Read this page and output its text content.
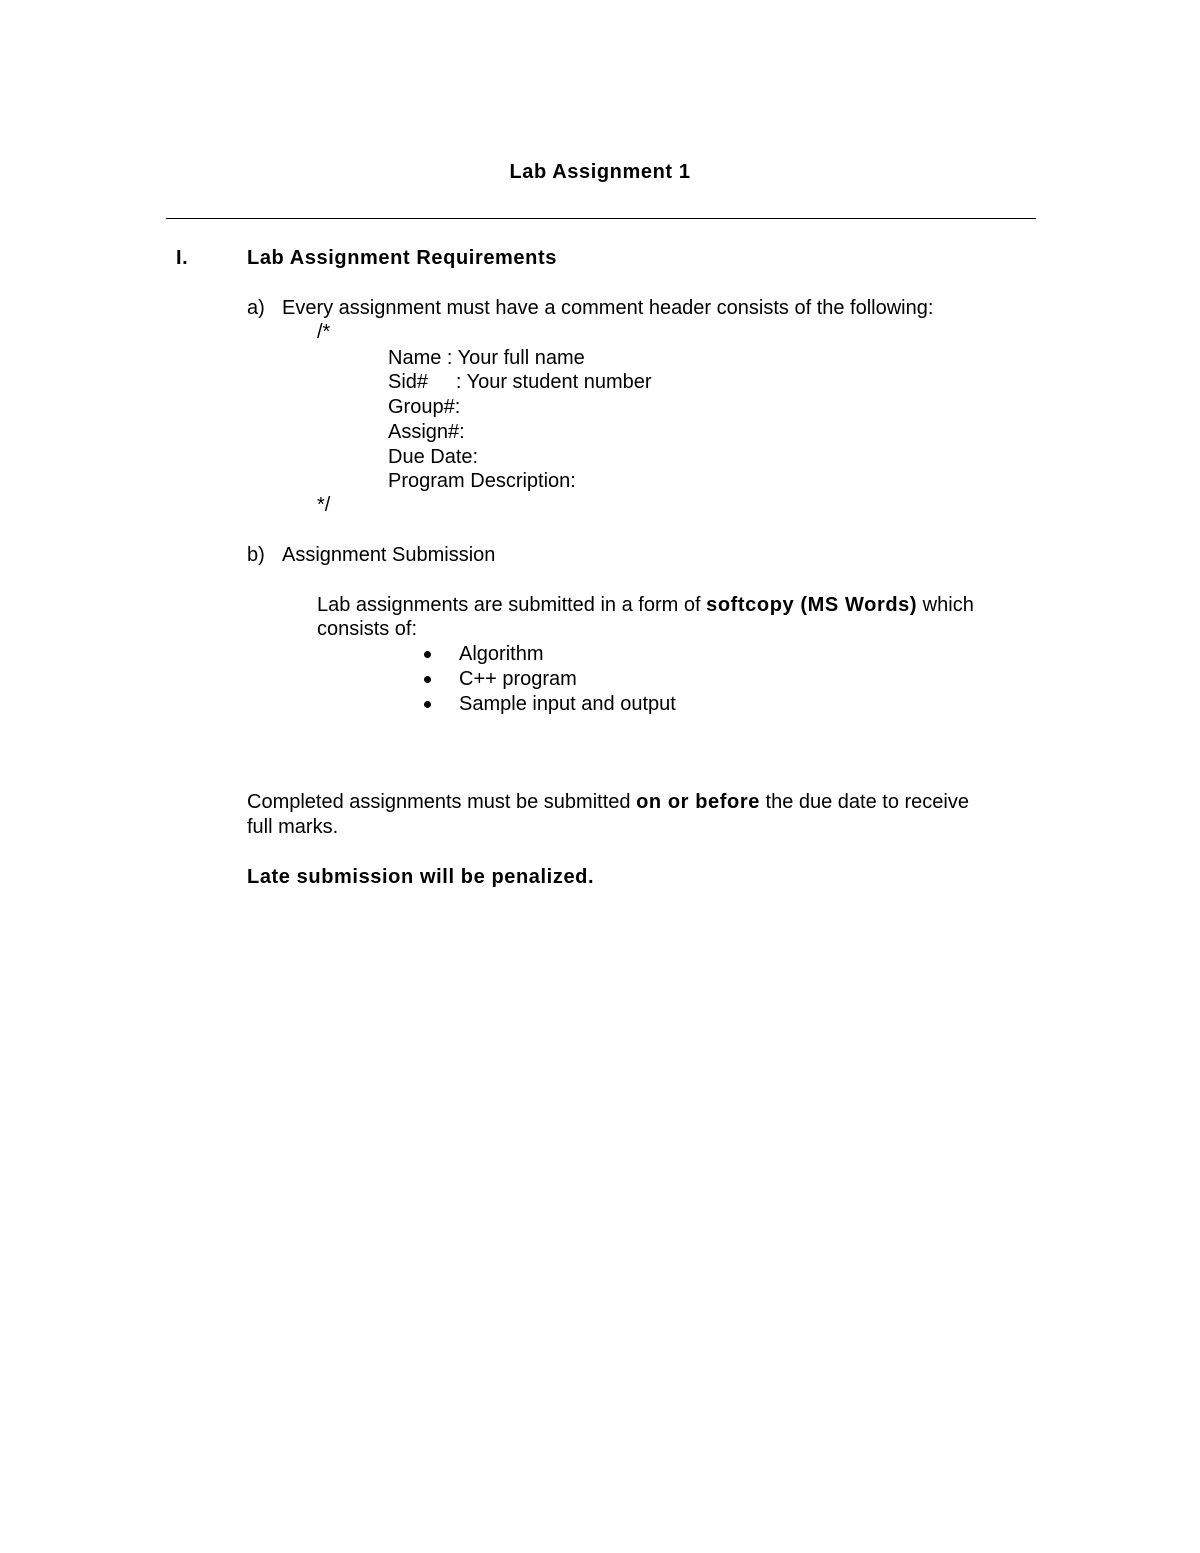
Lab Assignment 1
I.	Lab Assignment Requirements
a) Every assignment must have a comment header consists of the following:
/*
Name : Your full name
Sid#     : Your student number
Group#:
Assign#:
Due Date:
Program Description:
*/
b) Assignment Submission
Lab assignments are submitted in a form of softcopy (MS Words) which
consists of:
Algorithm
C++ program
Sample input and output
Completed assignments must be submitted on or before the due date to receive
full marks.
Late submission will be penalized.
